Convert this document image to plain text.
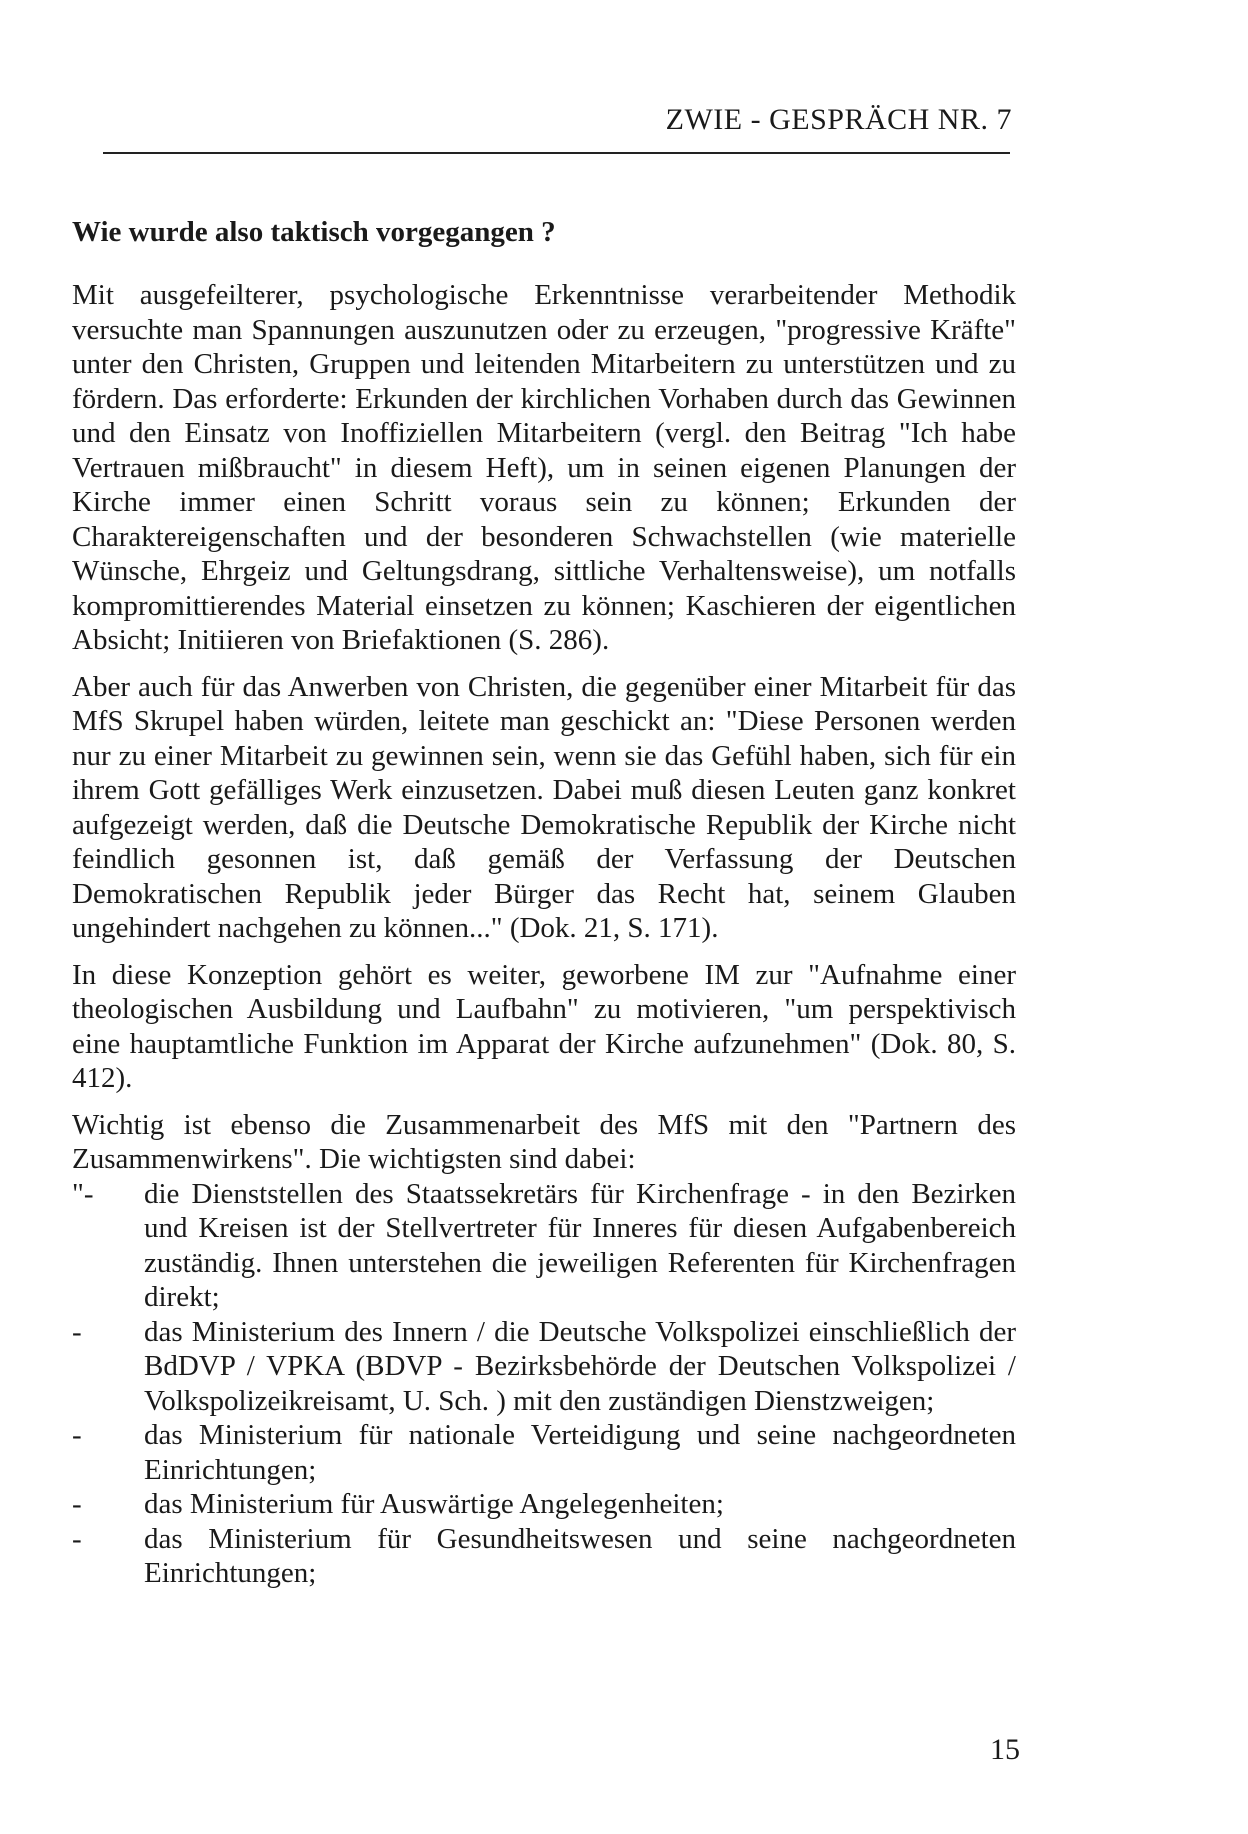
ZWIE - GESPRÄCH NR. 7
Wie wurde also taktisch vorgegangen ?

Mit ausgefeilterer, psychologische Erkenntnisse verarbeitender Methodik versuchte man Spannungen auszunutzen oder zu erzeugen, "progressive Kräfte" unter den Christen, Gruppen und leitenden Mitarbeitern zu unterstützen und zu fördern. Das erforderte: Erkunden der kirchlichen Vorhaben durch das Gewinnen und den Einsatz von Inoffiziellen Mitarbeitern (vergl. den Beitrag "Ich habe Vertrauen mißbraucht" in diesem Heft), um in seinen eigenen Planungen der Kirche immer einen Schritt voraus sein zu können; Erkunden der Charaktereigenschaften und der besonderen Schwachstellen (wie materielle Wünsche, Ehrgeiz und Geltungsdrang, sittliche Verhaltensweise), um notfalls kompromittierendes Material einsetzen zu können; Kaschieren der eigentlichen Absicht; Initiieren von Briefaktionen (S. 286).

Aber auch für das Anwerben von Christen, die gegenüber einer Mitarbeit für das MfS Skrupel haben würden, leitete man geschickt an: "Diese Personen werden nur zu einer Mitarbeit zu gewinnen sein, wenn sie das Gefühl haben, sich für ein ihrem Gott gefälliges Werk einzusetzen. Dabei muß diesen Leuten ganz konkret aufgezeigt werden, daß die Deutsche Demokratische Republik der Kirche nicht feindlich gesonnen ist, daß gemäß der Verfassung der Deutschen Demokratischen Republik jeder Bürger das Recht hat, seinem Glauben ungehindert nachgehen zu können..." (Dok. 21, S. 171).

In diese Konzeption gehört es weiter, geworbene IM zur "Aufnahme einer theologischen Ausbildung und Laufbahn" zu motivieren, "um perspektivisch eine hauptamtliche Funktion im Apparat der Kirche aufzunehmen" (Dok. 80, S. 412).

Wichtig ist ebenso die Zusammenarbeit des MfS mit den "Partnern des Zusammenwirkens". Die wichtigsten sind dabei:

"-	die Dienststellen des Staatssekretärs für Kirchenfrage - in den Bezirken und Kreisen ist der Stellvertreter für Inneres für diesen Aufgabenbereich zuständig. Ihnen unterstehen die jeweiligen Referenten für Kirchenfragen direkt;
-	das Ministerium des Innern / die Deutsche Volkspolizei einschließlich der BdDVP / VPKA (BDVP - Bezirksbehörde der Deutschen Volkspolizei / Volkspolizeikreisamt, U. Sch. ) mit den zuständigen Dienstzweigen;
-	das Ministerium für nationale Verteidigung und seine nachgeordneten Einrichtungen;
-	das Ministerium für Auswärtige Angelegenheiten;
-	das Ministerium für Gesundheitswesen und seine nachgeordneten Einrichtungen;
15
